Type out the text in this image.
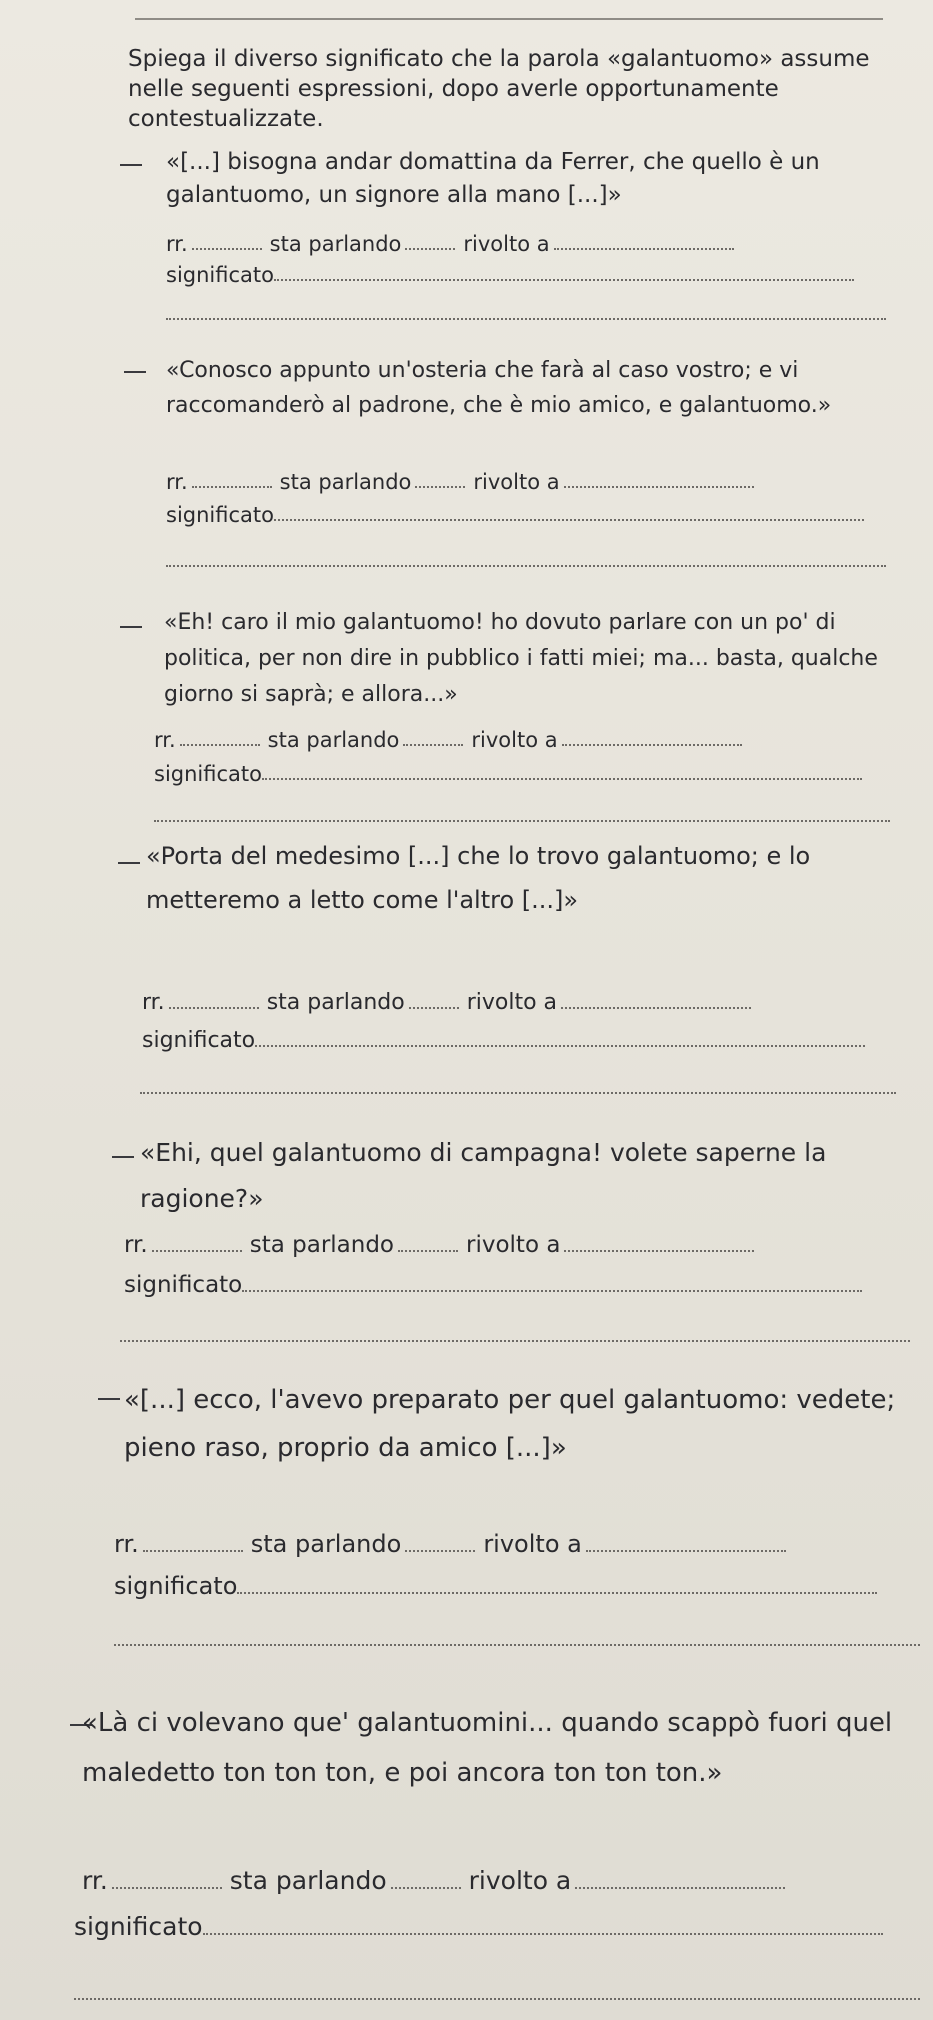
Spiega il diverso significato che la parola «galantuomo» assume nelle seguenti espressioni, dopo averle opportunamente contestualizzate.
«[...] bisogna andar domattina da Ferrer, che quello è un galantuomo, un signore alla mano [...]»
rr.	sta parlando	rivolto a
significato
«Conosco appunto un'osteria che farà al caso vostro; e vi raccomanderò al padrone, che è mio amico, e galantuomo.»
rr.	sta parlando	rivolto a
significato
«Eh! caro il mio galantuomo! ho dovuto parlare con un po' di politica, per non dire in pubblico i fatti miei; ma... basta, qualche giorno si saprà; e allora...»
rr.	sta parlando	rivolto a
significato
«Porta del medesimo [...] che lo trovo galantuomo; e lo metteremo a letto come l'altro [...]»
rr.	sta parlando	rivolto a
significato
«Ehi, quel galantuomo di campagna! volete saperne la ragione?»
rr.	sta parlando	rivolto a
significato
«[...] ecco, l'avevo preparato per quel galantuomo: vedete; pieno raso, proprio da amico [...]»
rr.	sta parlando	rivolto a
significato
«Là ci volevano que' galantuomini... quando scappò fuori quel maledetto ton ton ton, e poi ancora ton ton ton.»
rr.	sta parlando	rivolto a
significato
